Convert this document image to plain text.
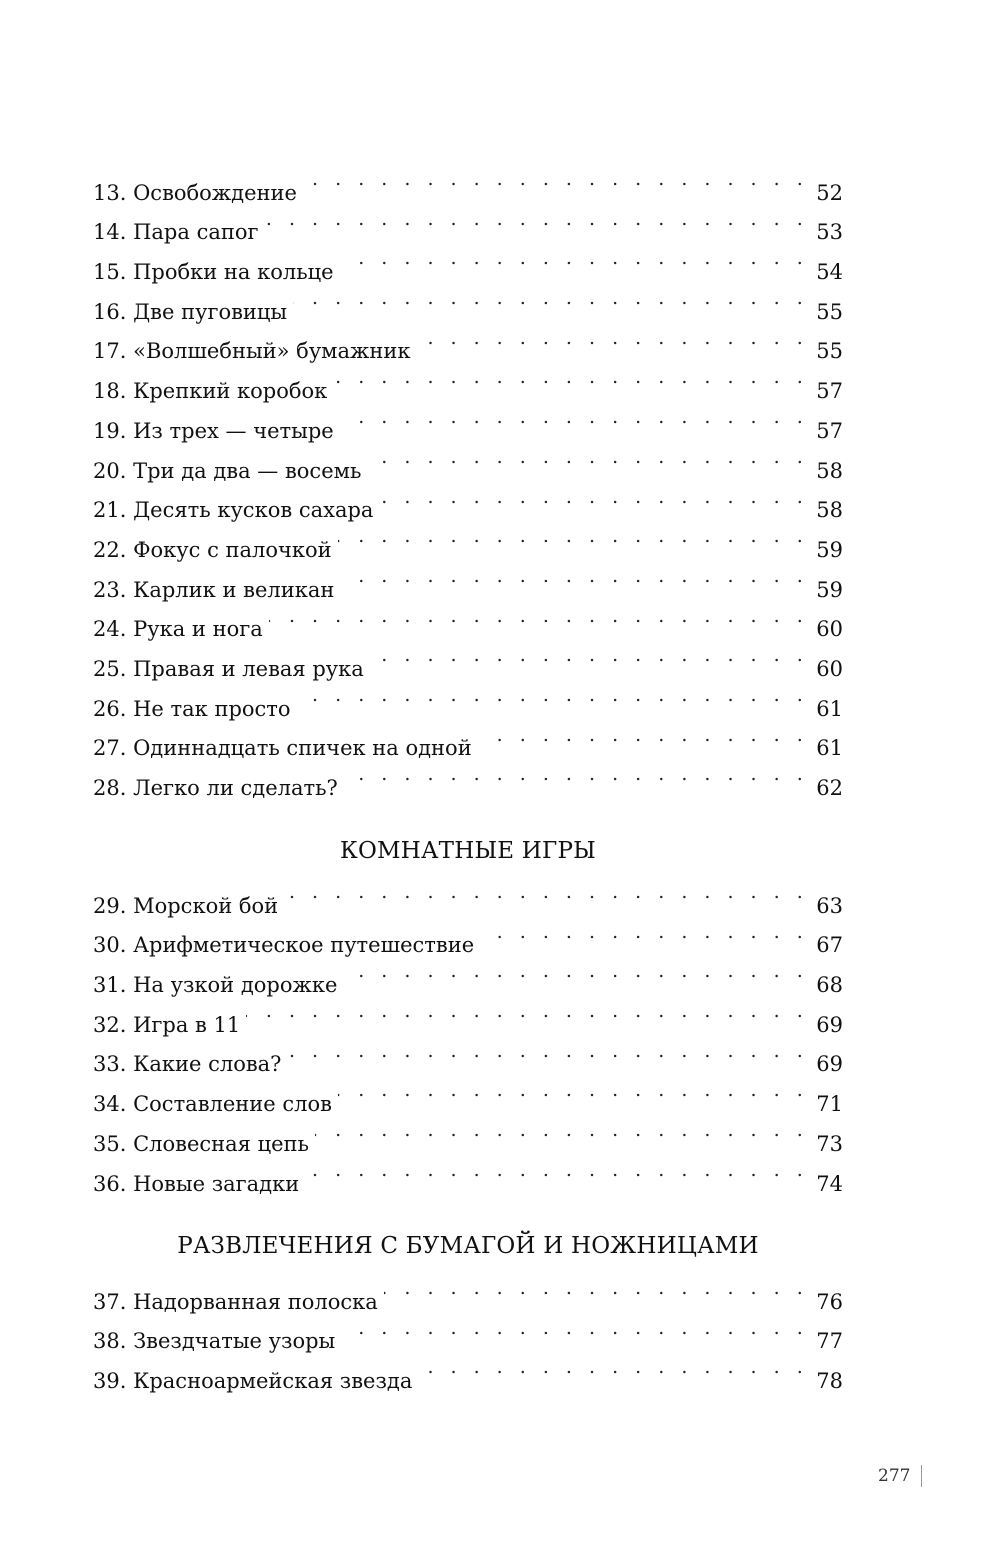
13. Освобождение . . .	52
14. Пара сапог . . .	53
15. Пробки на кольце . . .	54
16. Две пуговицы . . .	55
17. «Волшебный» бумажник . . .	55
18. Крепкий коробок . . .	57
19. Из трех — четыре . . .	57
20. Три да два — восемь . . .	58
21. Десять кусков сахара . . .	58
22. Фокус с палочкой . . .	59
23. Карлик и великан . . .	59
24. Рука и нога . . .	60
25. Правая и левая рука . . .	60
26. Не так просто . . .	61
27. Одиннадцать спичек на одной . . .	61
28. Легко ли сделать? . . .	62
КОМНАТНЫЕ ИГРЫ
29. Морской бой . . .	63
30. Арифметическое путешествие . . .	67
31. На узкой дорожке . . .	68
32. Игра в 11 . . .	69
33. Какие слова? . . .	69
34. Составление слов . . .	71
35. Словесная цепь . . .	73
36. Новые загадки . . .	74
РАЗВЛЕЧЕНИЯ С БУМАГОЙ И НОЖНИЦАМИ
37. Надорванная полоска . . .	76
38. Звездчатые узоры . . .	77
39. Красноармейская звезда . . .	78
277
